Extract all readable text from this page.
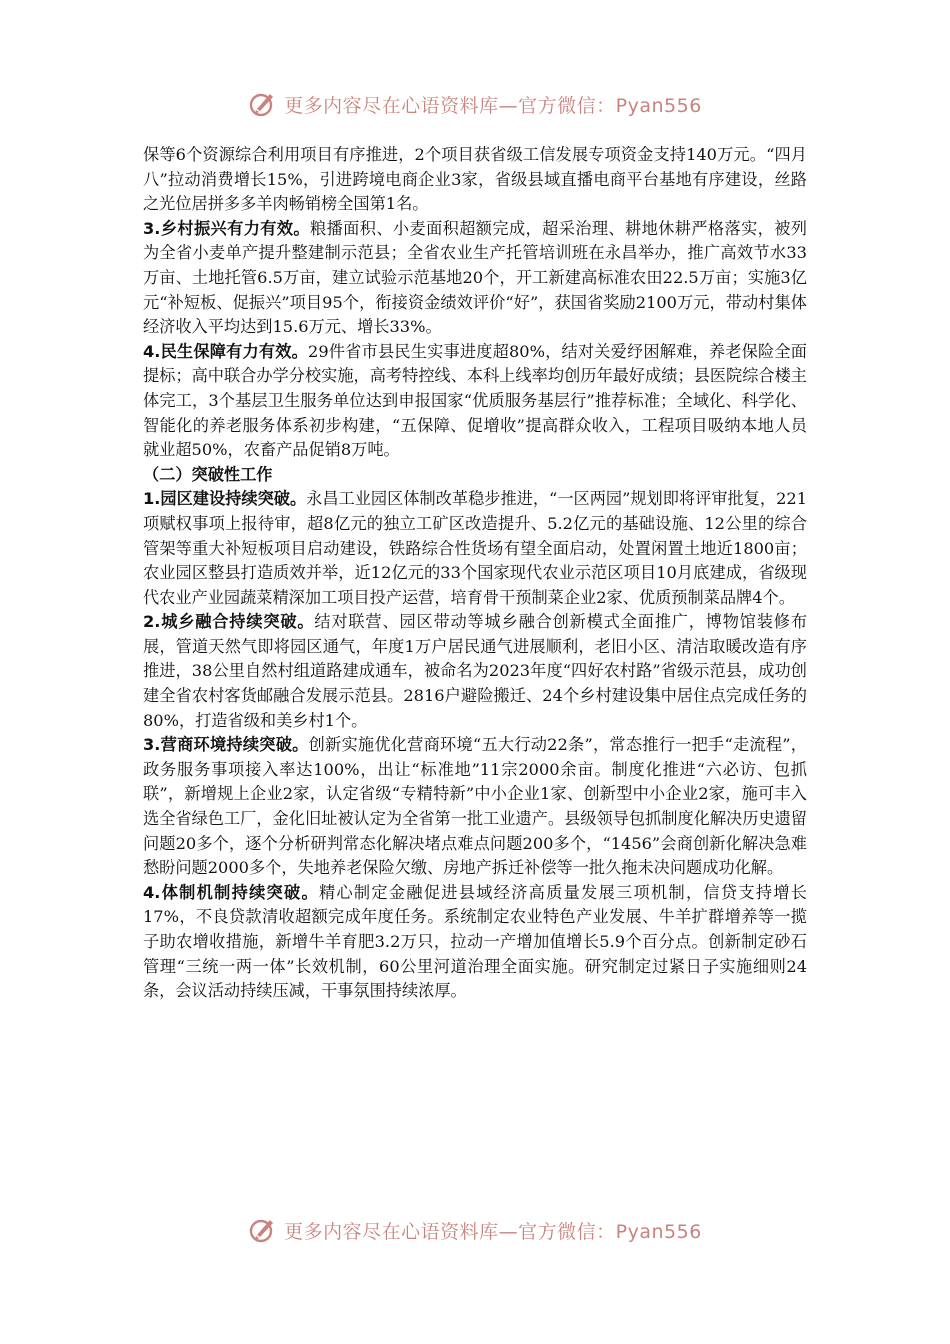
更多内容尽在心语资料库—官方微信：Pyan556

保等6个资源综合利用项目有序推进，2个项目获省级工信发展专项资金支持140万元。“四月八”拉动消费增长15%，引进跨境电商企业3家，省级县域直播电商平台基地有序建设，丝路之光位居拼多多羊肉畅销榜全国第1名。

3.乡村振兴有力有效。粮播面积、小麦面积超额完成，超采治理、耕地休耕严格落实，被列为全省小麦单产提升整建制示范县；全省农业生产托管培训班在永昌举办，推广高效节水33万亩、土地托管6.5万亩，建立试验示范基地20个，开工新建高标准农田22.5万亩；实施3亿元“补短板、促振兴”项目95个，衔接资金绩效评价“好”，获国省奖励2100万元，带动村集体经济收入平均达到15.6万元、增长33%。

4.民生保障有力有效。29件省市县民生实事进度超80%，结对关爱纾困解难，养老保险全面提标；高中联合办学分校实施，高考特控线、本科上线率均创历年最好成绩；县医院综合楼主体完工，3个基层卫生服务单位达到申报国家“优质服务基层行”推荐标准；全域化、科学化、智能化的养老服务体系初步构建，“五保障、促增收”提高群众收入，工程项目吸纳本地人员就业超50%，农畜产品促销8万吨。

（二）突破性工作

1.园区建设持续突破。永昌工业园区体制改革稳步推进，“一区两园”规划即将评审批复，221项赋权事项上报待审，超8亿元的独立工矿区改造提升、5.2亿元的基础设施、12公里的综合管架等重大补短板项目启动建设，铁路综合性货场有望全面启动，处置闲置土地近1800亩；农业园区整县打造质效并举，近12亿元的33个国家现代农业示范区项目10月底建成，省级现代农业产业园蔬菜精深加工项目投产运营，培育骨干预制菜企业2家、优质预制菜品牌4个。

2.城乡融合持续突破。结对联营、园区带动等城乡融合创新模式全面推广，博物馆装修布展，管道天然气即将园区通气，年度1万户居民通气进展顺利，老旧小区、清洁取暖改造有序推进，38公里自然村组道路建成通车，被命名为2023年度“四好农村路”省级示范县，成功创建全省农村客货邮融合发展示范县。2816户避险搬迁、24个乡村建设集中居住点完成任务的80%，打造省级和美乡村1个。

3.营商环境持续突破。创新实施优化营商环境“五大行动22条”，常态推行一把手“走流程”，政务服务事项接入率达100%，出让“标准地”11宗2000余亩。制度化推进“六必访、包抓联”，新增规上企业2家，认定省级“专精特新”中小企业1家、创新型中小企业2家，施可丰入选全省绿色工厂，金化旧址被认定为全省第一批工业遗产。县级领导包抓制度化解决历史遗留问题20多个，逐个分析研判常态化解决堵点难点问题200多个，“1456”会商创新化解决急难愁盼问题2000多个，失地养老保险欠缴、房地产拆迁补偿等一批久拖未决问题成功化解。

4.体制机制持续突破。精心制定金融促进县域经济高质量发展三项机制，信贷支持增长17%，不良贷款清收超额完成年度任务。系统制定农业特色产业发展、牛羊扩群增养等一揽子助农增收措施，新增牛羊育肥3.2万只，拉动一产增加值增长5.9个百分点。创新制定砂石管理“三统一两一体”长效机制，60公里河道治理全面实施。研究制定过紧日子实施细则24条，会议活动持续压减，干事氛围持续浓厚。

更多内容尽在心语资料库—官方微信：Pyan556
